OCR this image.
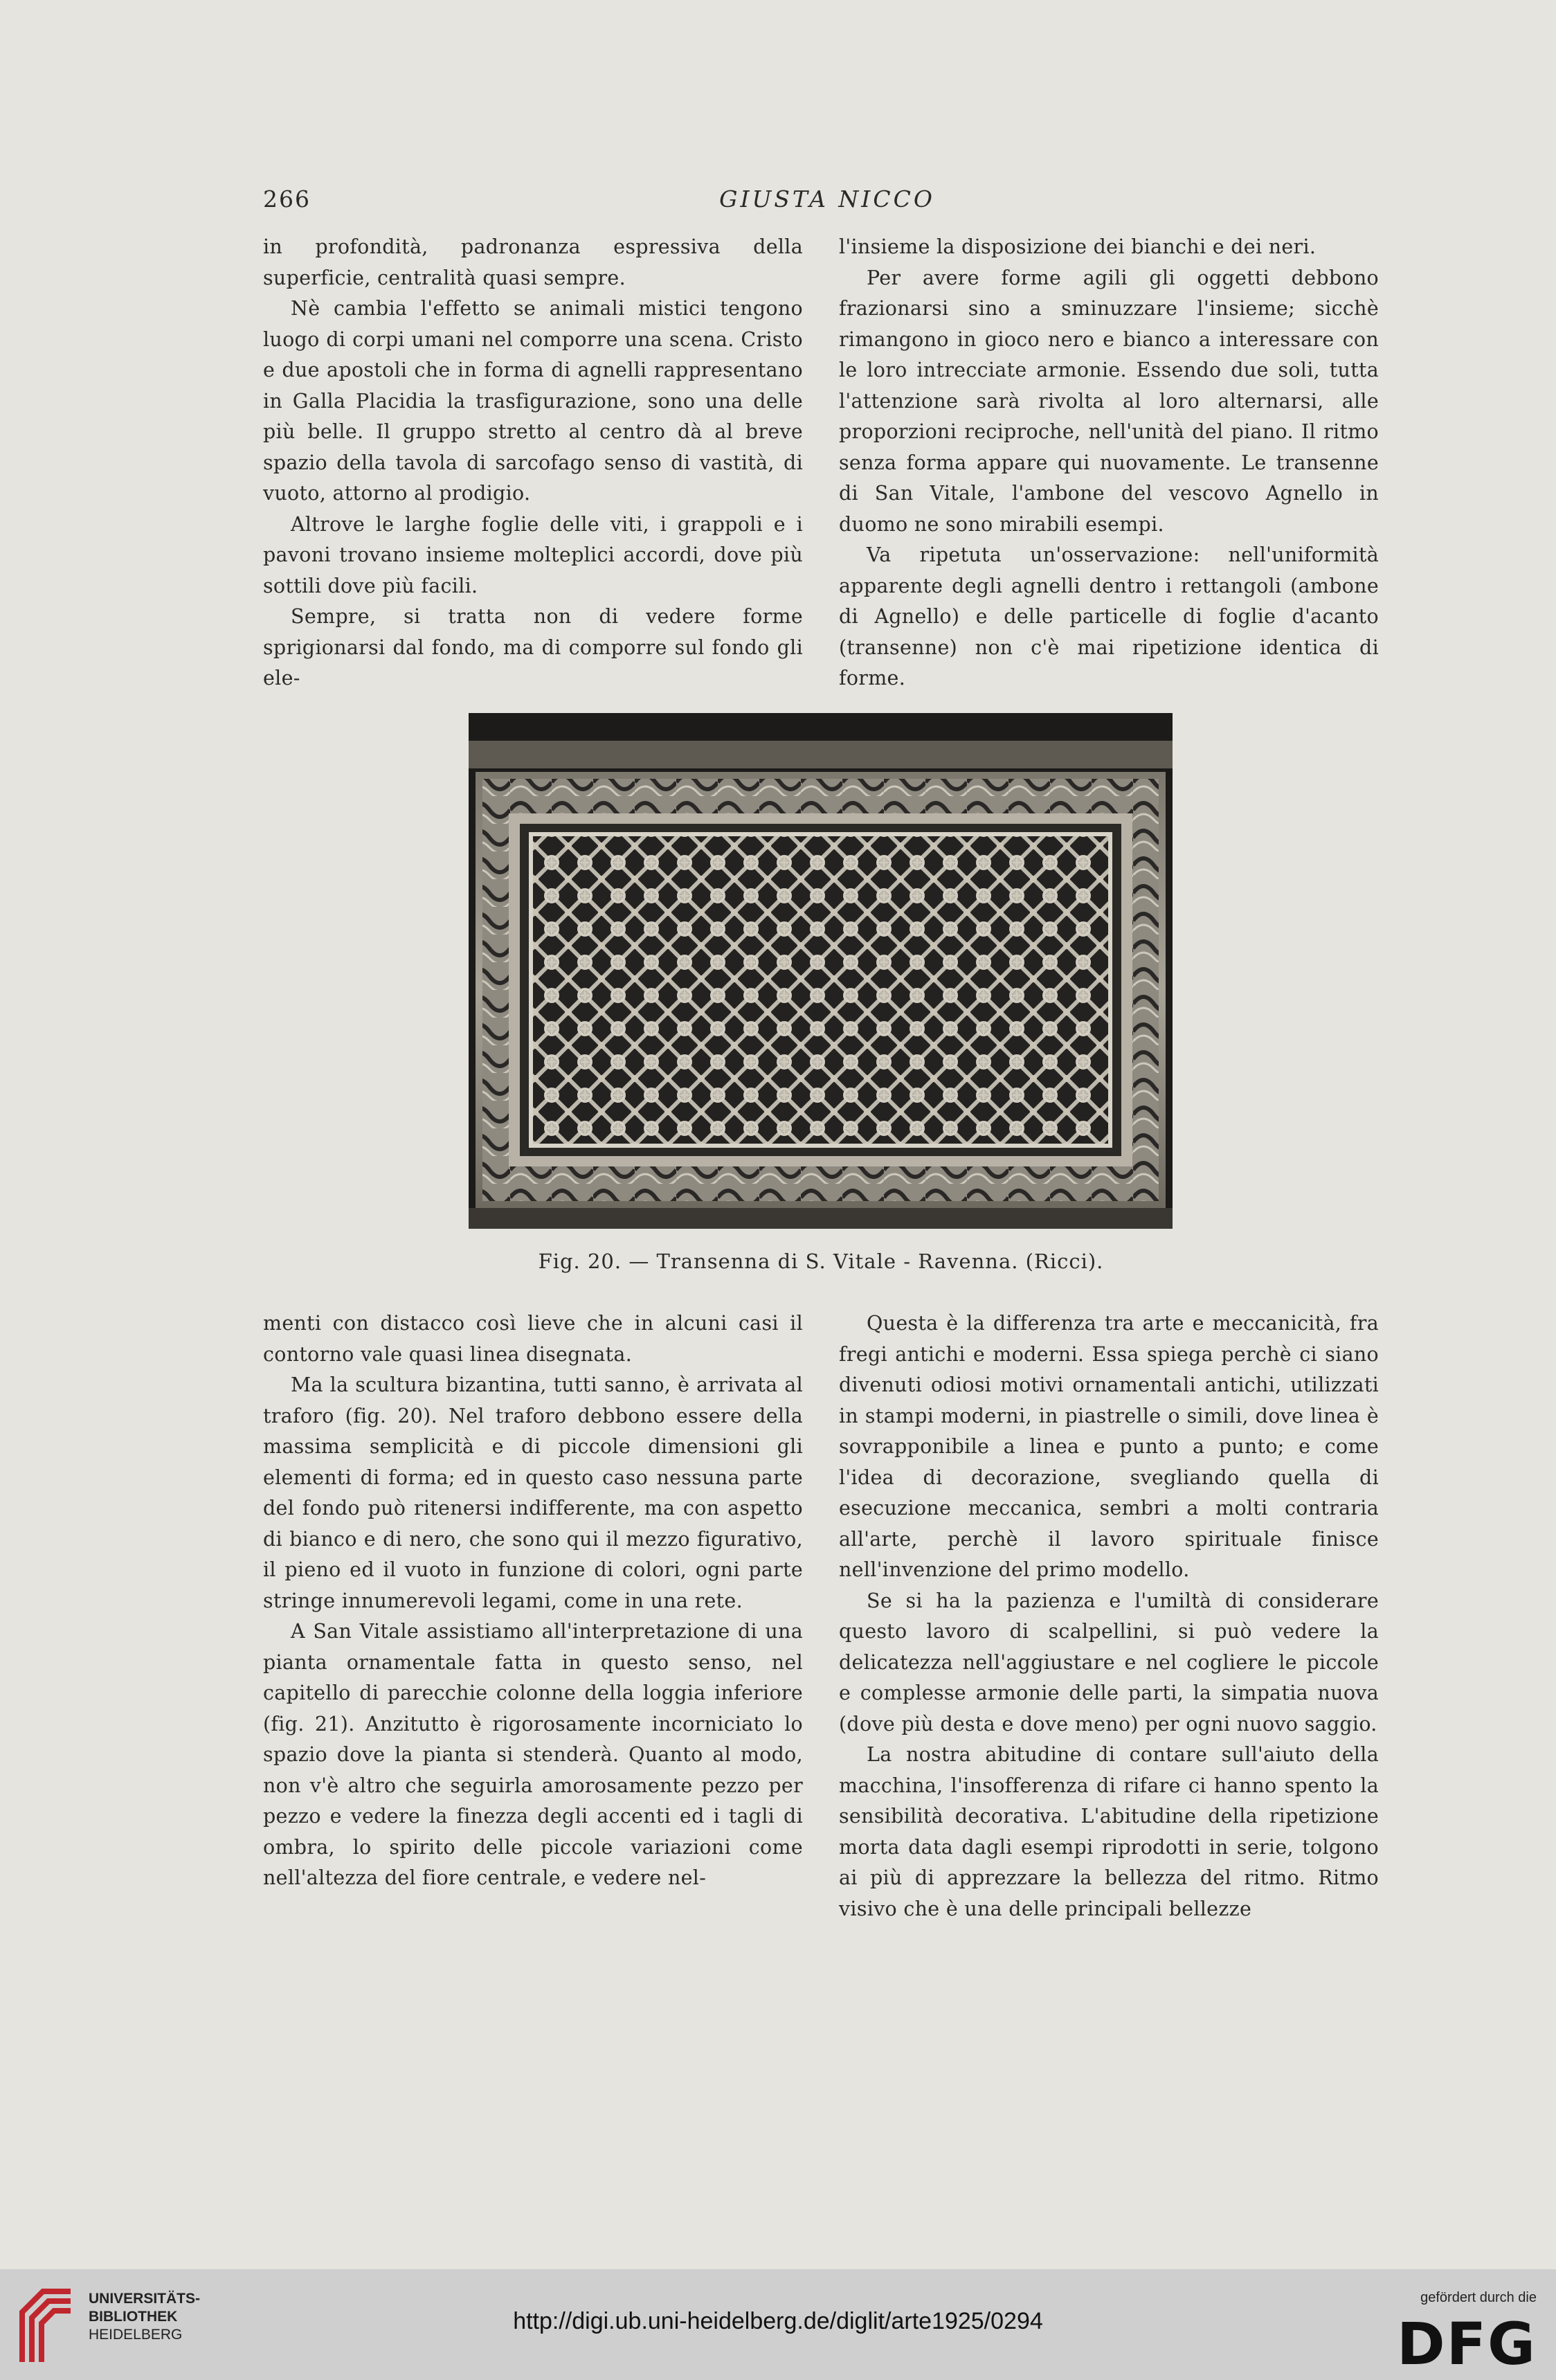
266	GIUSTA NICCO

in profondità, padronanza espressiva della superficie, centralità quasi sempre.

Nè cambia l'effetto se animali mistici tengono luogo di corpi umani nel comporre una scena. Cristo e due apostoli che in forma di agnelli rappresentano in Galla Placidia la trasfigurazione, sono una delle più belle. Il gruppo stretto al centro dà al breve spazio della tavola di sarcofago senso di vastità, di vuoto, attorno al prodigio.

Altrove le larghe foglie delle viti, i grappoli e i pavoni trovano insieme molteplici accordi, dove più sottili dove più facili.

Sempre, si tratta non di vedere forme sprigionarsi dal fondo, ma di comporre sul fondo gli ele-

l'insieme la disposizione dei bianchi e dei neri.

Per avere forme agili gli oggetti debbono frazionarsi sino a sminuzzare l'insieme; sicchè rimangono in gioco nero e bianco a interessare con le loro intrecciate armonie. Essendo due soli, tutta l'attenzione sarà rivolta al loro alternarsi, alle proporzioni reciproche, nell'unità del piano. Il ritmo senza forma appare qui nuovamente. Le transenne di San Vitale, l'ambone del vescovo Agnello in duomo ne sono mirabili esempi.

Va ripetuta un'osservazione: nell'uniformità apparente degli agnelli dentro i rettangoli (ambone di Agnello) e delle particelle di foglie d'acanto (transenne) non c'è mai ripetizione identica di forme.

Fig. 20. — Transenna di S. Vitale - Ravenna. (Ricci).

menti con distacco così lieve che in alcuni casi il contorno vale quasi linea disegnata.

Ma la scultura bizantina, tutti sanno, è arrivata al traforo (fig. 20). Nel traforo debbono essere della massima semplicità e di piccole dimensioni gli elementi di forma; ed in questo caso nessuna parte del fondo può ritenersi indifferente, ma con aspetto di bianco e di nero, che sono qui il mezzo figurativo, il pieno ed il vuoto in funzione di colori, ogni parte stringe innumerevoli legami, come in una rete.

A San Vitale assistiamo all'interpretazione di una pianta ornamentale fatta in questo senso, nel capitello di parecchie colonne della loggia inferiore (fig. 21). Anzitutto è rigorosamente incorniciato lo spazio dove la pianta si stenderà. Quanto al modo, non v'è altro che seguirla amorosamente pezzo per pezzo e vedere la finezza degli accenti ed i tagli di ombra, lo spirito delle piccole variazioni come nell'altezza del fiore centrale, e vedere nel-

Questa è la differenza tra arte e meccanicità, fra fregi antichi e moderni. Essa spiega perchè ci siano divenuti odiosi motivi ornamentali antichi, utilizzati in stampi moderni, in piastrelle o simili, dove linea è sovrapponibile a linea e punto a punto; e come l'idea di decorazione, svegliando quella di esecuzione meccanica, sembri a molti contraria all'arte, perchè il lavoro spirituale finisce nell'invenzione del primo modello.

Se si ha la pazienza e l'umiltà di considerare questo lavoro di scalpellini, si può vedere la delicatezza nell'aggiustare e nel cogliere le piccole e complesse armonie delle parti, la simpatia nuova (dove più desta e dove meno) per ogni nuovo saggio.

La nostra abitudine di contare sull'aiuto della macchina, l'insofferenza di rifare ci hanno spento la sensibilità decorativa. L'abitudine della ripetizione morta data dagli esempi riprodotti in serie, tolgono ai più di apprezzare la bellezza del ritmo. Ritmo visivo che è una delle principali bellezze

UNIVERSITÄTS-
BIBLIOTHEK
HEIDELBERG
http://digi.ub.uni-heidelberg.de/diglit/arte1925/0294
gefördert durch die
DFG
